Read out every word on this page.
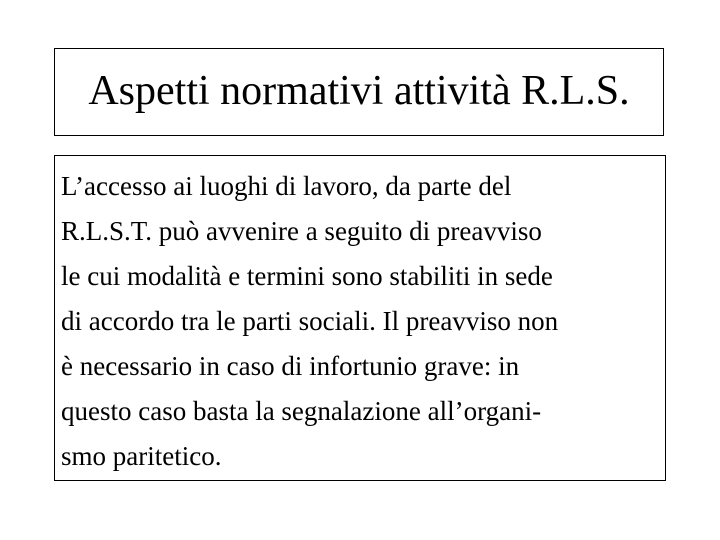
Aspetti normativi attività R.L.S.
L’accesso ai luoghi di lavoro, da parte del
R.L.S.T. può avvenire a seguito di preavviso
le cui modalità e termini sono stabiliti in sede
di accordo tra le parti sociali. Il preavviso non
è necessario in caso di infortunio grave: in
questo caso basta la segnalazione all’organi-
smo paritetico.
